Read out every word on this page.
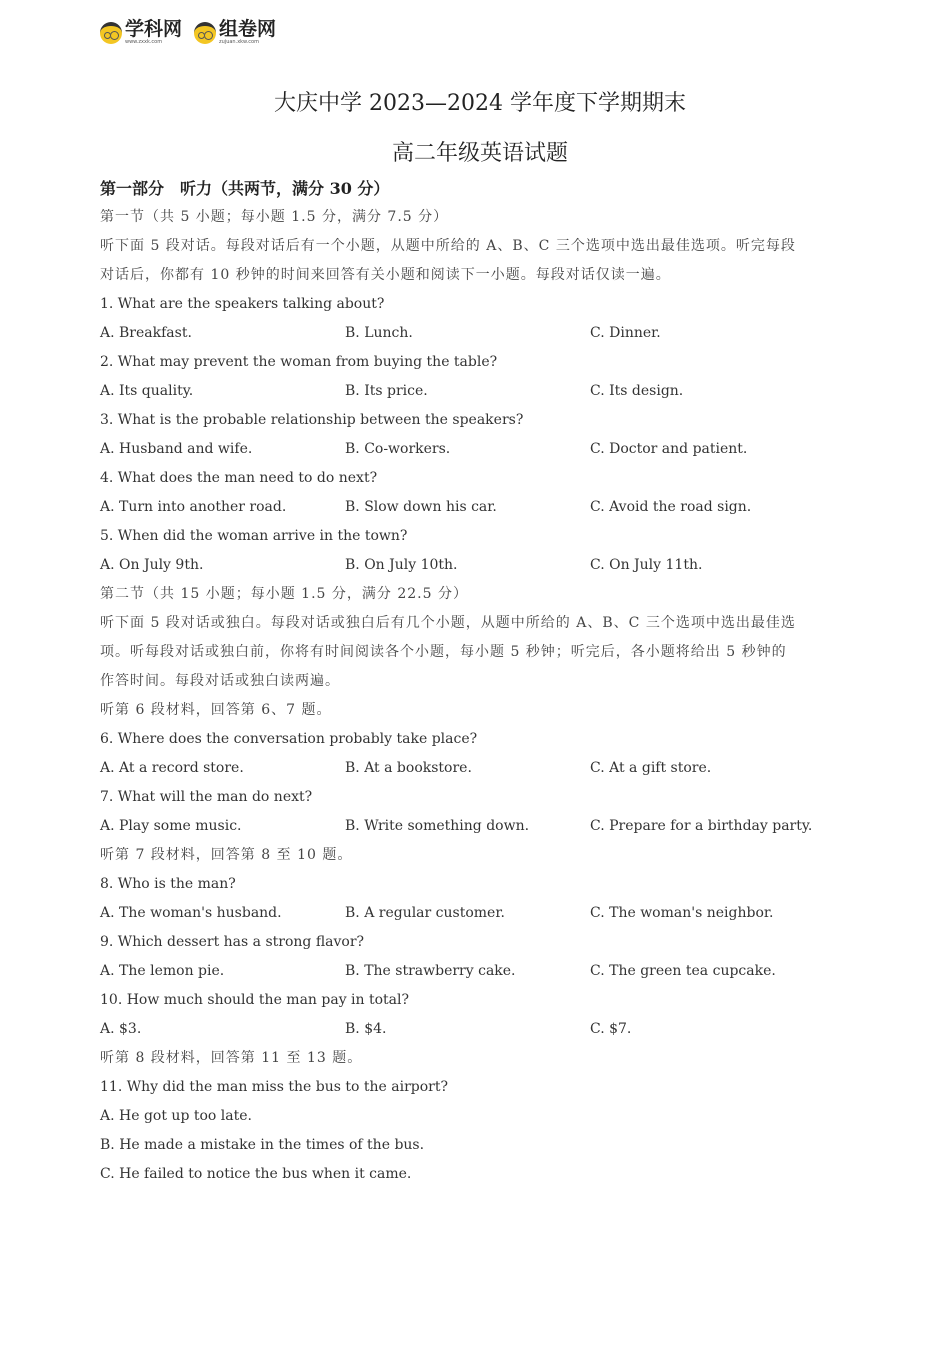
学科网
www.zxxk.com
组卷网
zujuan.xkw.com
大庆中学 2023—2024 学年度下学期期末
高二年级英语试题
第一部分　听力（共两节，满分 30 分）
第一节（共 5 小题；每小题 1.5 分，满分 7.5 分）
听下面 5 段对话。每段对话后有一个小题，从题中所给的 A、B、C 三个选项中选出最佳选项。听完每段
对话后，你都有 10 秒钟的时间来回答有关小题和阅读下一小题。每段对话仅读一遍。
1. What are the speakers talking about?
A. Breakfast.	B. Lunch.	C. Dinner.
2. What may prevent the woman from buying the table?
A. Its quality.	B. Its price.	C. Its design.
3. What is the probable relationship between the speakers?
A. Husband and wife.	B. Co-workers.	C. Doctor and patient.
4. What does the man need to do next?
A. Turn into another road.	B. Slow down his car.	C. Avoid the road sign.
5. When did the woman arrive in the town?
A. On July 9th.	B. On July 10th.	C. On July 11th.
第二节（共 15 小题；每小题 1.5 分，满分 22.5 分）
听下面 5 段对话或独白。每段对话或独白后有几个小题，从题中所给的 A、B、C 三个选项中选出最佳选
项。听每段对话或独白前，你将有时间阅读各个小题，每小题 5 秒钟；听完后，各小题将给出 5 秒钟的
作答时间。每段对话或独白读两遍。
听第 6 段材料，回答第 6、7 题。
6. Where does the conversation probably take place?
A. At a record store.	B. At a bookstore.	C. At a gift store.
7. What will the man do next?
A. Play some music.	B. Write something down.	C. Prepare for a birthday party.
听第 7 段材料，回答第 8 至 10 题。
8. Who is the man?
A. The woman's husband.	B. A regular customer.	C. The woman's neighbor.
9. Which dessert has a strong flavor?
A. The lemon pie.	B. The strawberry cake.	C. The green tea cupcake.
10. How much should the man pay in total?
A. $3.	B. $4.	C. $7.
听第 8 段材料，回答第 11 至 13 题。
11. Why did the man miss the bus to the airport?
A. He got up too late.
B. He made a mistake in the times of the bus.
C. He failed to notice the bus when it came.
